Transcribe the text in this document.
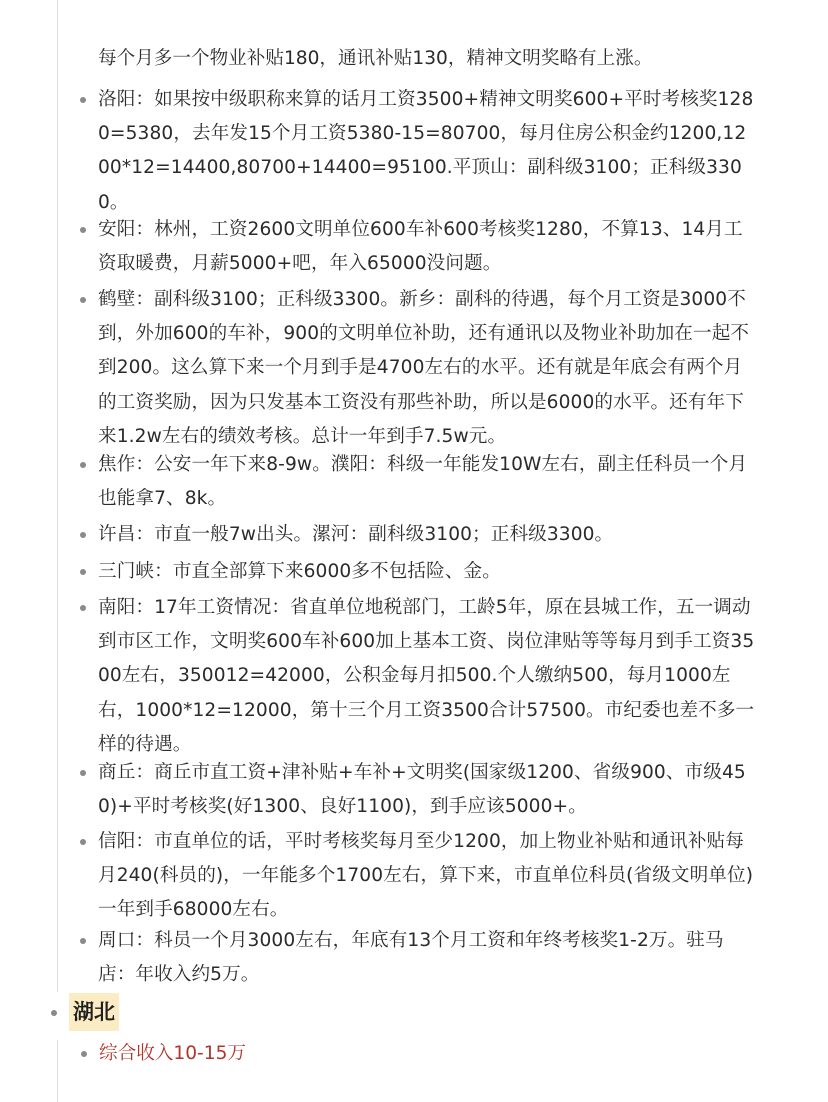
每个月多一个物业补贴180，通讯补贴130，精神文明奖略有上涨。
洛阳：如果按中级职称来算的话月工资3500+精神文明奖600+平时考核奖1280=5380，去年发15个月工资5380-15=80700，每月住房公积金约1200,1200*12=14400,80700+14400=95100.平顶山：副科级3100；正科级3300。
安阳：林州，工资2600文明单位600车补600考核奖1280，不算13、14月工资取暖费，月薪5000+吧，年入65000没问题。
鹤壁：副科级3100；正科级3300。新乡：副科的待遇，每个月工资是3000不到，外加600的车补，900的文明单位补助，还有通讯以及物业补助加在一起不到200。这么算下来一个月到手是4700左右的水平。还有就是年底会有两个月的工资奖励，因为只发基本工资没有那些补助，所以是6000的水平。还有年下来1.2w左右的绩效考核。总计一年到手7.5w元。
焦作：公安一年下来8-9w。濮阳：科级一年能发10W左右，副主任科员一个月也能拿7、8k。
许昌：市直一般7w出头。漯河：副科级3100；正科级3300。
三门峡：市直全部算下来6000多不包括险、金。
南阳：17年工资情况：省直单位地税部门，工龄5年，原在县城工作，五一调动到市区工作，文明奖600车补600加上基本工资、岗位津贴等等每月到手工资3500左右，350012=42000，公积金每月扣500.个人缴纳500，每月1000左右，1000*12=12000，第十三个月工资3500合计57500。市纪委也差不多一样的待遇。
商丘：商丘市直工资+津补贴+车补+文明奖(国家级1200、省级900、市级450)+平时考核奖(好1300、良好1100)，到手应该5000+。
信阳：市直单位的话，平时考核奖每月至少1200，加上物业补贴和通讯补贴每月240(科员的)，一年能多个1700左右，算下来，市直单位科员(省级文明单位)一年到手68000左右。
周口：科员一个月3000左右，年底有13个月工资和年终考核奖1-2万。驻马店：年收入约5万。
湖北
综合收入10-15万
